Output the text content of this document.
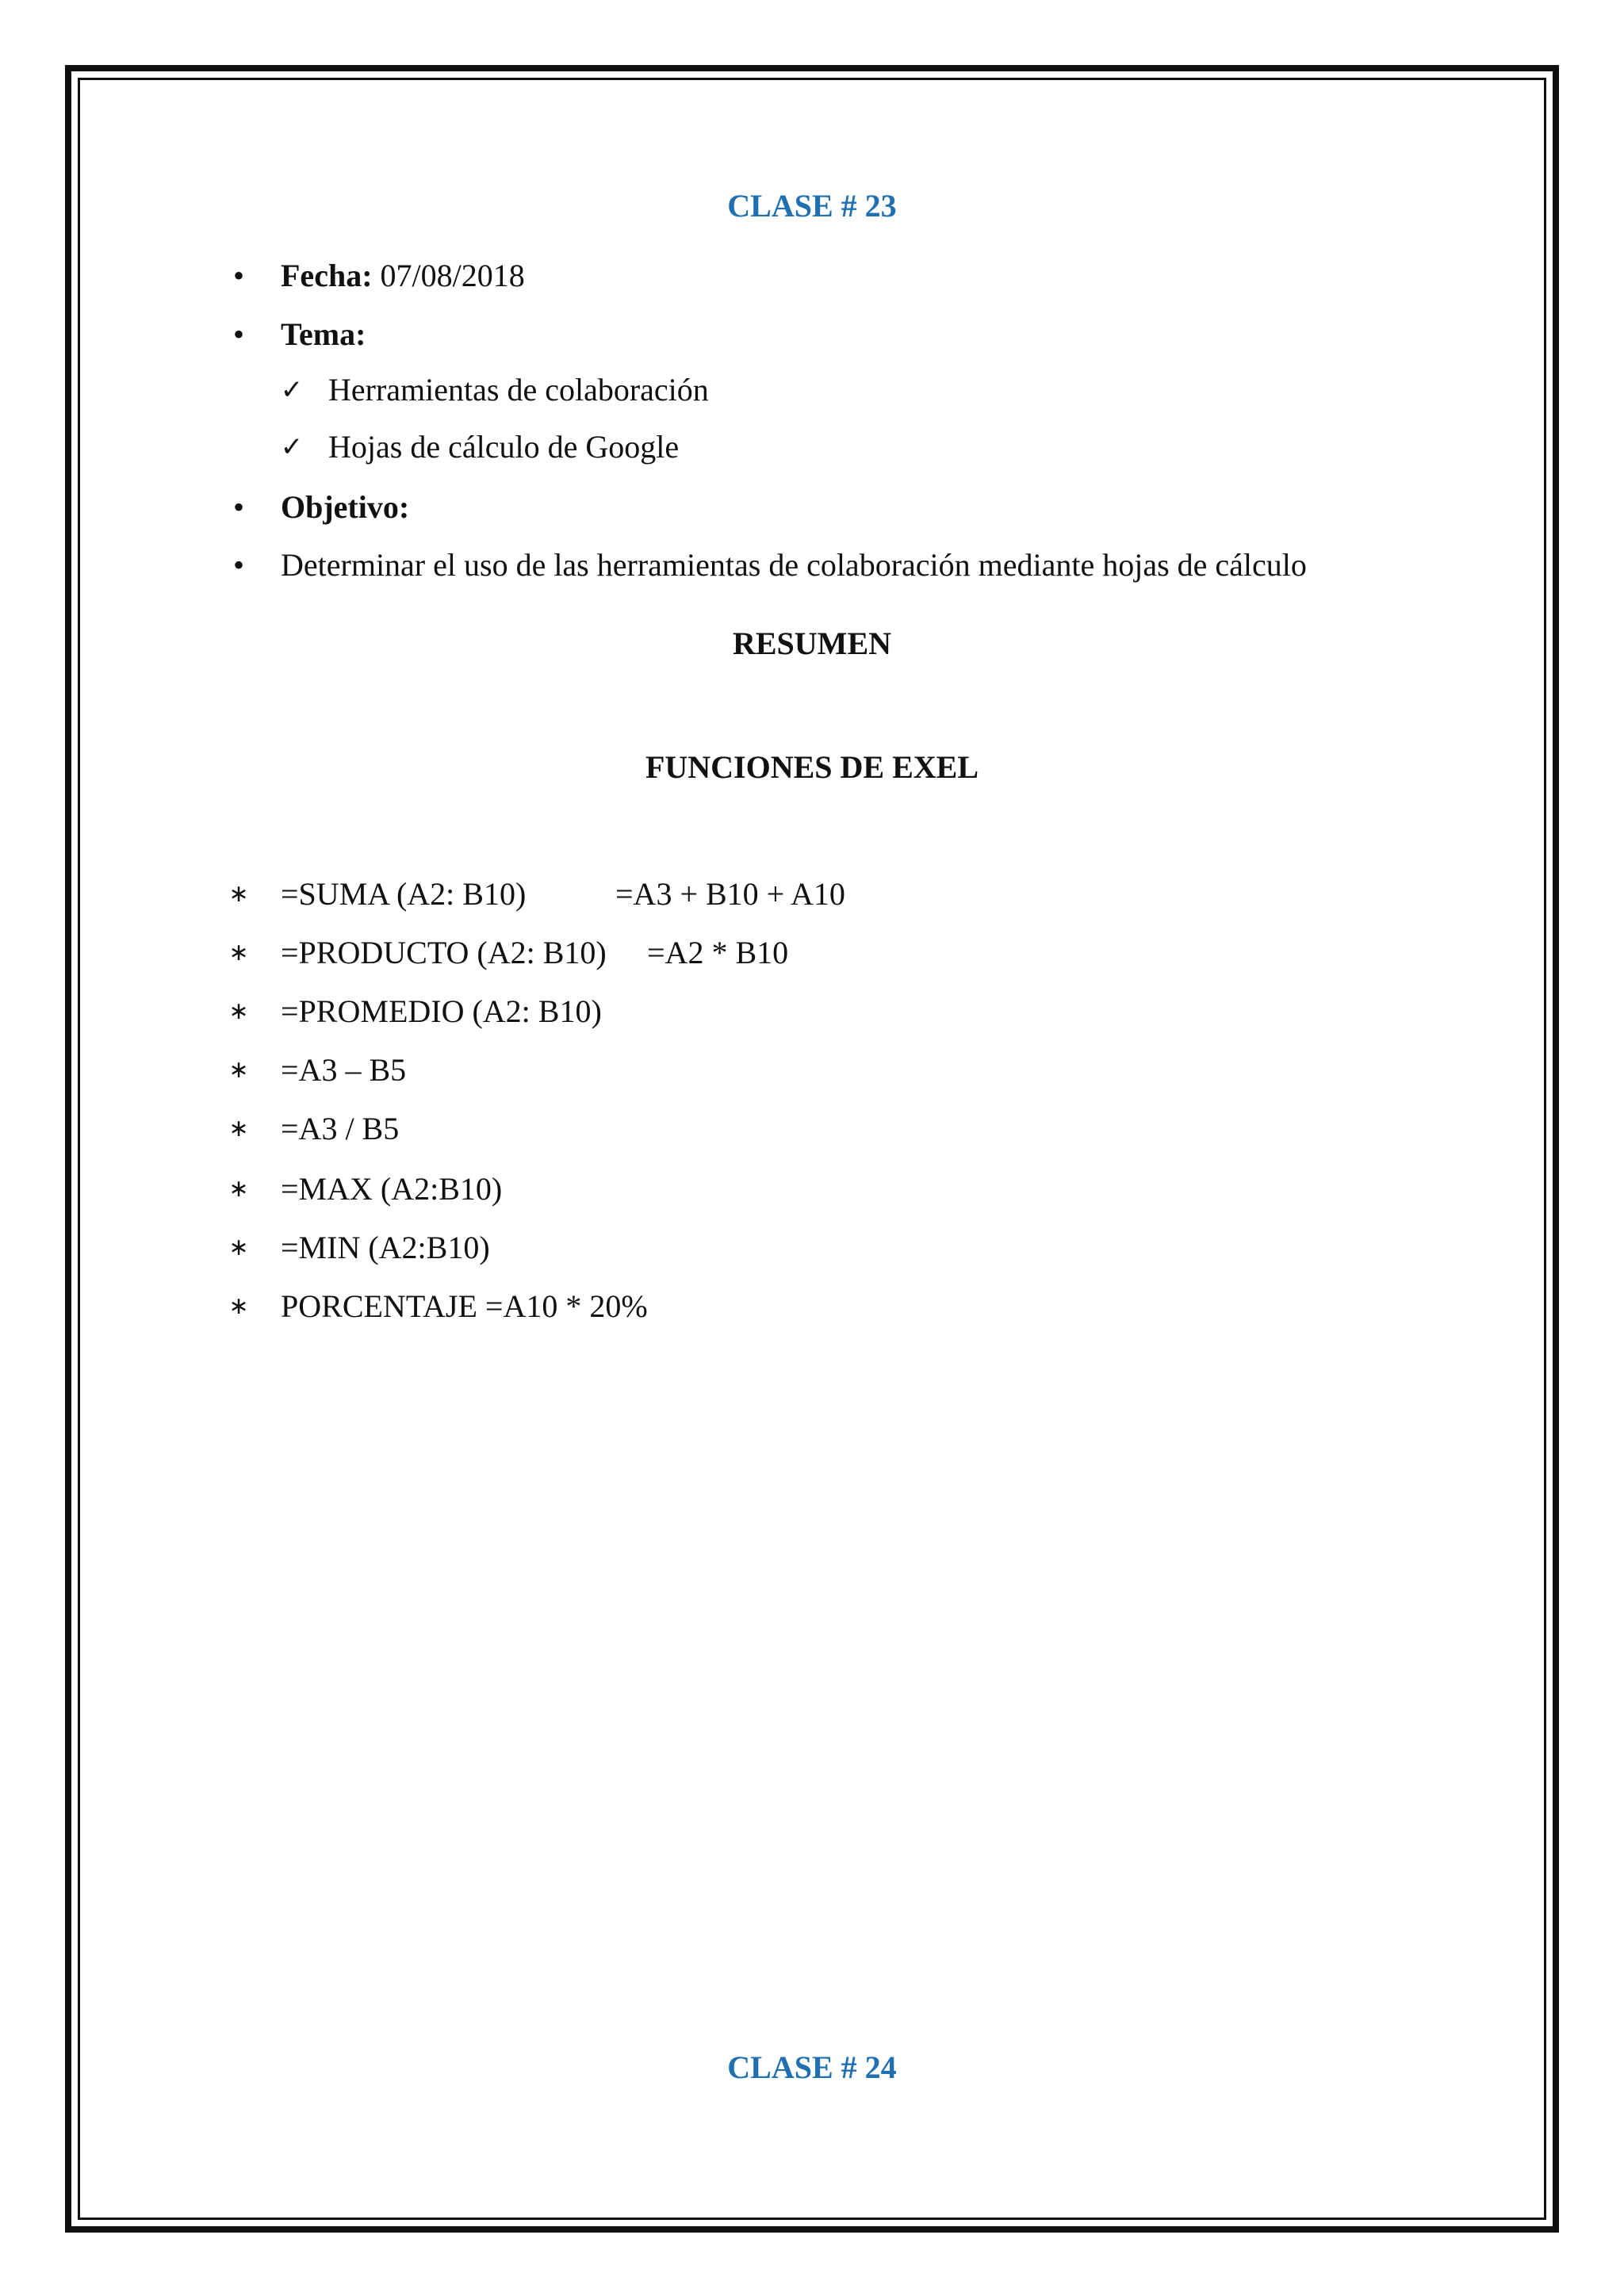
CLASE # 23
• Fecha: 07/08/2018
• Tema:
✓ Herramientas de colaboración
✓ Hojas de cálculo de Google
• Objetivo:
• Determinar el uso de las herramientas de colaboración mediante hojas de cálculo
RESUMEN
FUNCIONES DE EXEL
∗ =SUMA (A2: B10)	=A3 + B10 + A10
∗ =PRODUCTO (A2: B10) =A2 * B10
∗ =PROMEDIO (A2: B10)
∗ =A3 – B5
∗ =A3 / B5
∗ =MAX (A2:B10)
∗ =MIN (A2:B10)
∗ PORCENTAJE =A10 * 20%
CLASE # 24
